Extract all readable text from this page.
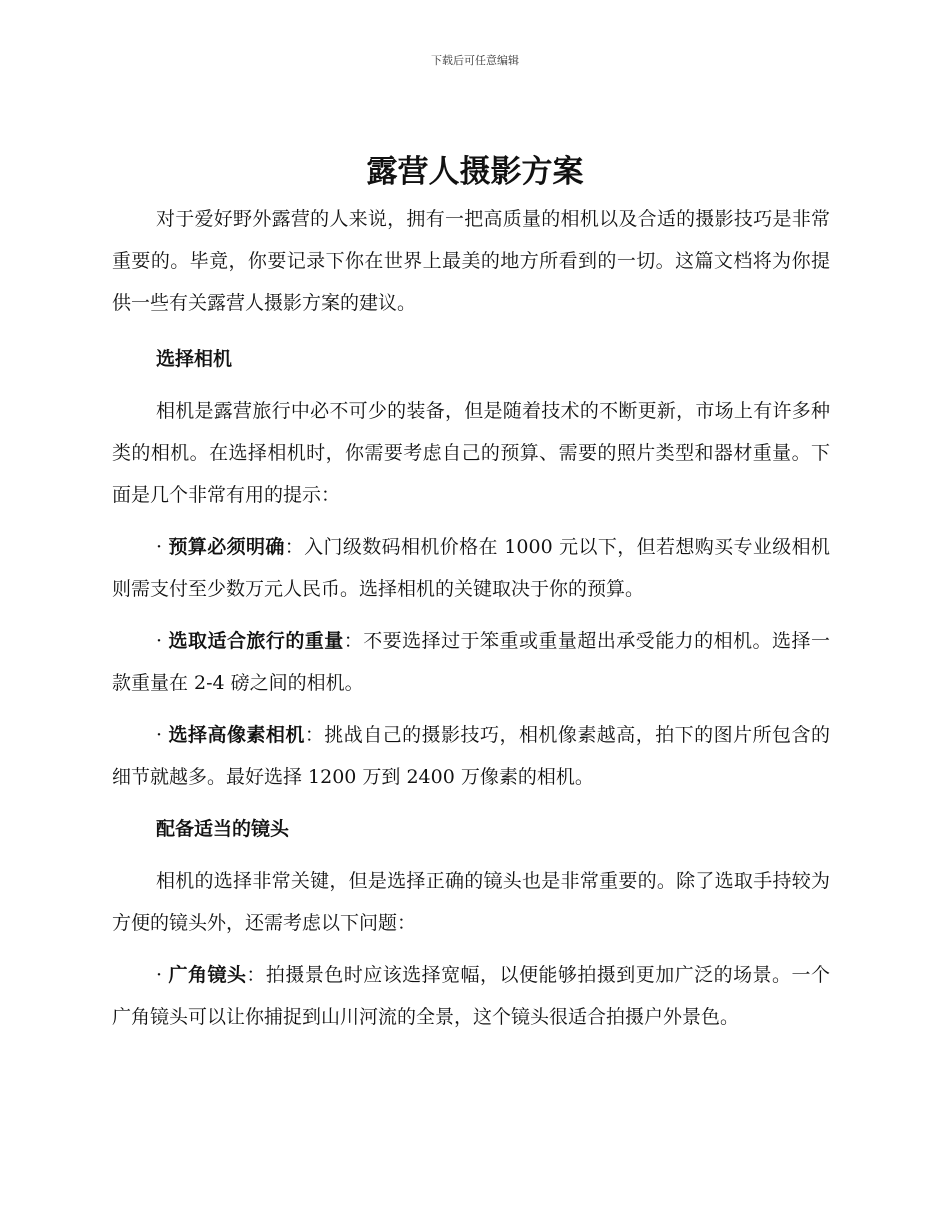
下载后可任意编辑
露营人摄影方案

对于爱好野外露营的人来说，拥有一把高质量的相机以及合适的摄影技巧是非常重要的。毕竟，你要记录下你在世界上最美的地方所看到的一切。这篇文档将为你提供一些有关露营人摄影方案的建议。

选择相机

相机是露营旅行中必不可少的装备，但是随着技术的不断更新，市场上有许多种类的相机。在选择相机时，你需要考虑自己的预算、需要的照片类型和器材重量。下面是几个非常有用的提示：

· 预算必须明确：入门级数码相机价格在 1000 元以下，但若想购买专业级相机则需支付至少数万元人民币。选择相机的关键取决于你的预算。

· 选取适合旅行的重量：不要选择过于笨重或重量超出承受能力的相机。选择一款重量在 2-4 磅之间的相机。

· 选择高像素相机：挑战自己的摄影技巧，相机像素越高，拍下的图片所包含的细节就越多。最好选择 1200 万到 2400 万像素的相机。

配备适当的镜头

相机的选择非常关键，但是选择正确的镜头也是非常重要的。除了选取手持较为方便的镜头外，还需考虑以下问题：

· 广角镜头：拍摄景色时应该选择宽幅，以便能够拍摄到更加广泛的场景。一个广角镜头可以让你捕捉到山川河流的全景，这个镜头很适合拍摄户外景色。
